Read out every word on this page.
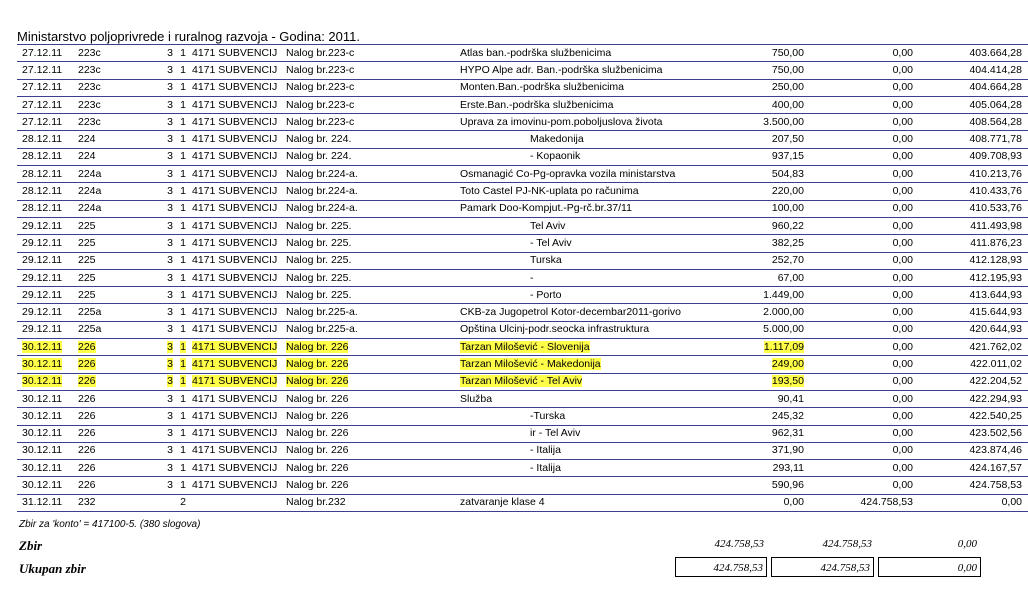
Ministarstvo poljoprivrede i ruralnog razvoja - Godina: 2011.
27.12.11	223c	3	1	4171 SUBVENCIJ	Nalog br.223-c	Atlas ban.-podrška službenicima	750,00	0,00	403.664,28
27.12.11	223c	3	1	4171 SUBVENCIJ	Nalog br.223-c	HYPO Alpe adr. Ban.-podrška službenicima	750,00	0,00	404.414,28
27.12.11	223c	3	1	4171 SUBVENCIJ	Nalog br.223-c	Monten.Ban.-podrška službenicima	250,00	0,00	404.664,28
27.12.11	223c	3	1	4171 SUBVENCIJ	Nalog br.223-c	Erste.Ban.-podrška službenicima	400,00	0,00	405.064,28
27.12.11	223c	3	1	4171 SUBVENCIJ	Nalog br.223-c	Uprava za imovinu-pom.poboljuslova života	3.500,00	0,00	408.564,28
28.12.11	224	3	1	4171 SUBVENCIJ	Nalog br. 224.	Makedonija	207,50	0,00	408.771,78
28.12.11	224	3	1	4171 SUBVENCIJ	Nalog br. 224.	- Kopaonik	937,15	0,00	409.708,93
28.12.11	224a	3	1	4171 SUBVENCIJ	Nalog br.224-a.	Osmanagić Co-Pg-opravka vozila ministarstva	504,83	0,00	410.213,76
28.12.11	224a	3	1	4171 SUBVENCIJ	Nalog br.224-a.	Toto Castel PJ-NK-uplata po računima	220,00	0,00	410.433,76
28.12.11	224a	3	1	4171 SUBVENCIJ	Nalog br.224-a.	Pamark Doo-Kompjut.-Pg-rč.br.37/11	100,00	0,00	410.533,76
29.12.11	225	3	1	4171 SUBVENCIJ	Nalog br. 225.	Tel Aviv	960,22	0,00	411.493,98
29.12.11	225	3	1	4171 SUBVENCIJ	Nalog br. 225.	- Tel Aviv	382,25	0,00	411.876,23
29.12.11	225	3	1	4171 SUBVENCIJ	Nalog br. 225.	Turska	252,70	0,00	412.128,93
29.12.11	225	3	1	4171 SUBVENCIJ	Nalog br. 225.	-	67,00	0,00	412.195,93
29.12.11	225	3	1	4171 SUBVENCIJ	Nalog br. 225.	- Porto	1.449,00	0,00	413.644,93
29.12.11	225a	3	1	4171 SUBVENCIJ	Nalog br.225-a.	CKB-za Jugopetrol Kotor-decembar2011-gorivo	2.000,00	0,00	415.644,93
29.12.11	225a	3	1	4171 SUBVENCIJ	Nalog br.225-a.	Opština Ulcinj-podr.seocka infrastruktura	5.000,00	0,00	420.644,93
30.12.11	226	3	1	4171 SUBVENCIJ	Nalog br. 226	Tarzan Milošević - Slovenija	1.117,09	0,00	421.762,02
30.12.11	226	3	1	4171 SUBVENCIJ	Nalog br. 226	Tarzan Milošević - Makedonija	249,00	0,00	422.011,02
30.12.11	226	3	1	4171 SUBVENCIJ	Nalog br. 226	Tarzan Milošević - Tel Aviv	193,50	0,00	422.204,52
30.12.11	226	3	1	4171 SUBVENCIJ	Nalog br. 226	Služba	90,41	0,00	422.294,93
30.12.11	226	3	1	4171 SUBVENCIJ	Nalog br. 226	-Turska	245,32	0,00	422.540,25
30.12.11	226	3	1	4171 SUBVENCIJ	Nalog br. 226	ir - Tel Aviv	962,31	0,00	423.502,56
30.12.11	226	3	1	4171 SUBVENCIJ	Nalog br. 226	- Italija	371,90	0,00	423.874,46
30.12.11	226	3	1	4171 SUBVENCIJ	Nalog br. 226	- Italija	293,11	0,00	424.167,57
30.12.11	226	3	1	4171 SUBVENCIJ	Nalog br. 226		590,96	0,00	424.758,53
31.12.11	232		2		Nalog br.232	zatvaranje klase 4	0,00	424.758,53	0,00
Zbir za 'konto' = 417100-5. (380 slogova)
Zbir	424.758,53	424.758,53	0,00
Ukupan zbir	424.758,53	424.758,53	0,00
